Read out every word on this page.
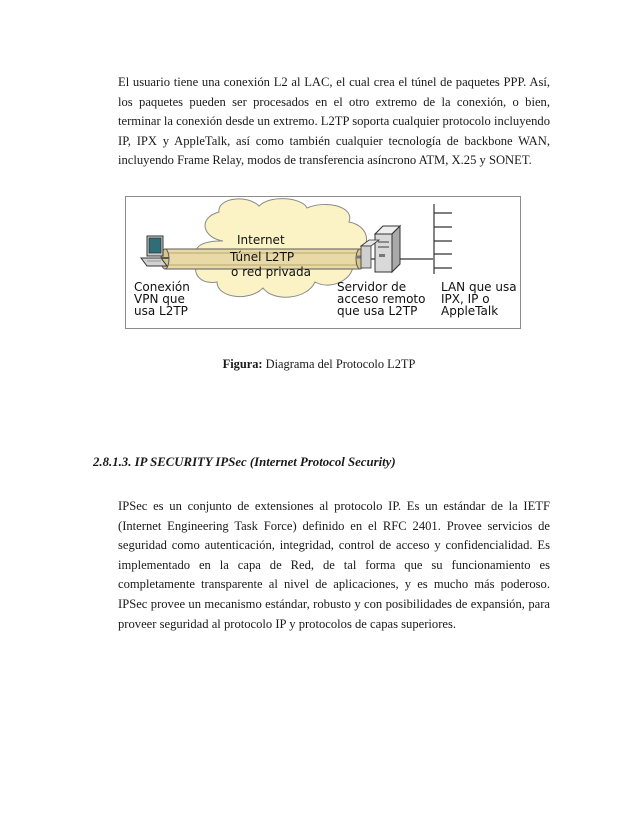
El usuario tiene una conexión L2 al LAC, el cual crea el túnel de paquetes PPP. Así, los paquetes pueden ser procesados en el otro extremo de la conexión, o bien, terminar la conexión desde un extremo. L2TP soporta cualquier protocolo incluyendo IP, IPX y AppleTalk, así como también cualquier tecnología de backbone WAN, incluyendo Frame Relay, modos de transferencia asíncrono ATM, X.25 y SONET.

Internet
Túnel L2TP
o red privada
Conexión
VPN que
usa L2TP
Servidor de
acceso remoto
que usa L2TP
LAN que usa
IPX, IP o
AppleTalk
Figura: Diagrama del Protocolo L2TP
2.8.1.3. IP SECURITY IPSec (Internet Protocol Security)

IPSec es un conjunto de extensiones al protocolo IP. Es un estándar de la IETF (Internet Engineering Task Force) definido en el RFC 2401. Provee servicios de seguridad como autenticación, integridad, control de acceso y confidencialidad. Es implementado en la capa de Red, de tal forma que su funcionamiento es completamente transparente al nivel de aplicaciones, y es mucho más poderoso. IPSec provee un mecanismo estándar, robusto y con posibilidades de expansión, para proveer seguridad al protocolo IP y protocolos de capas superiores.
